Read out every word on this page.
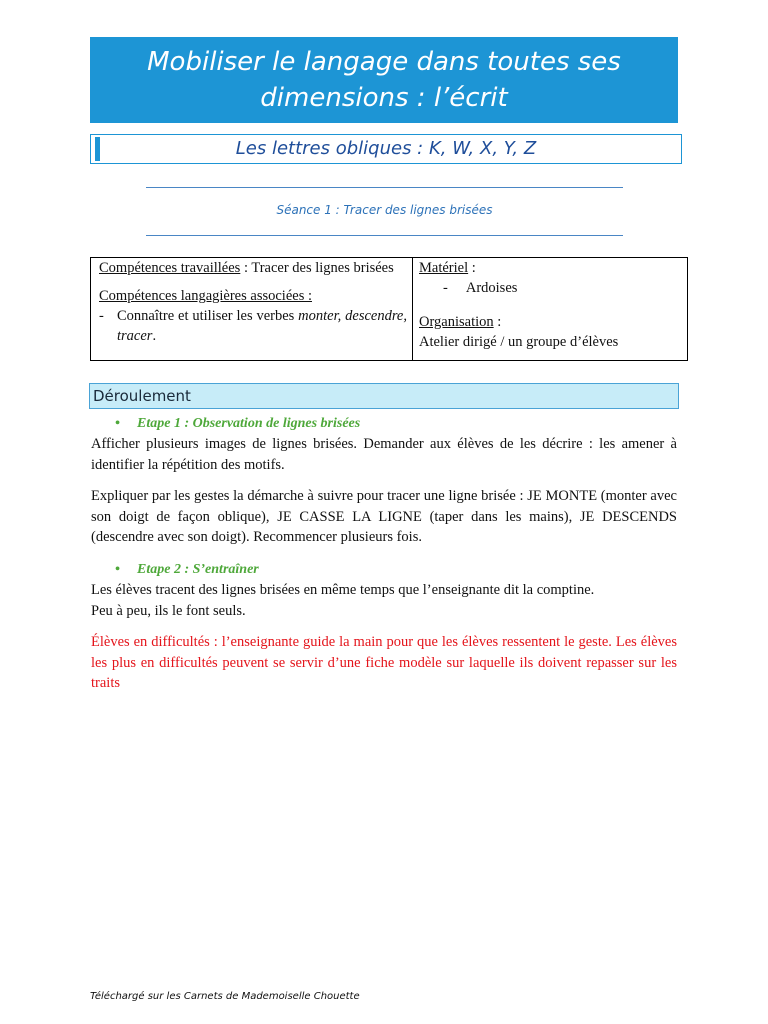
Mobiliser le langage dans toutes ses
dimensions : l’écrit
Les lettres obliques : K, W, X, Y, Z
Séance 1 : Tracer des lignes brisées
Compétences travaillées : Tracer des lignes brisées
Compétences langagières associées :
- Connaître et utiliser les verbes monter, descendre, tracer.
Matériel :
- Ardoises
Organisation :
Atelier dirigé / un groupe d’élèves
Déroulement
• Etape 1 : Observation de lignes brisées
Afficher plusieurs images de lignes brisées. Demander aux élèves de les décrire : les amener à identifier la répétition des motifs.
Expliquer par les gestes la démarche à suivre pour tracer une ligne brisée : JE MONTE (monter avec son doigt de façon oblique), JE CASSE LA LIGNE (taper dans les mains), JE DESCENDS (descendre avec son doigt). Recommencer plusieurs fois.
• Etape 2 : S’entraîner
Les élèves tracent des lignes brisées en même temps que l’enseignante dit la comptine.
Peu à peu, ils le font seuls.
Élèves en difficultés : l’enseignante guide la main pour que les élèves ressentent le geste. Les élèves les plus en difficultés peuvent se servir d’une fiche modèle sur laquelle ils doivent repasser sur les traits
Téléchargé sur les Carnets de Mademoiselle Chouette
